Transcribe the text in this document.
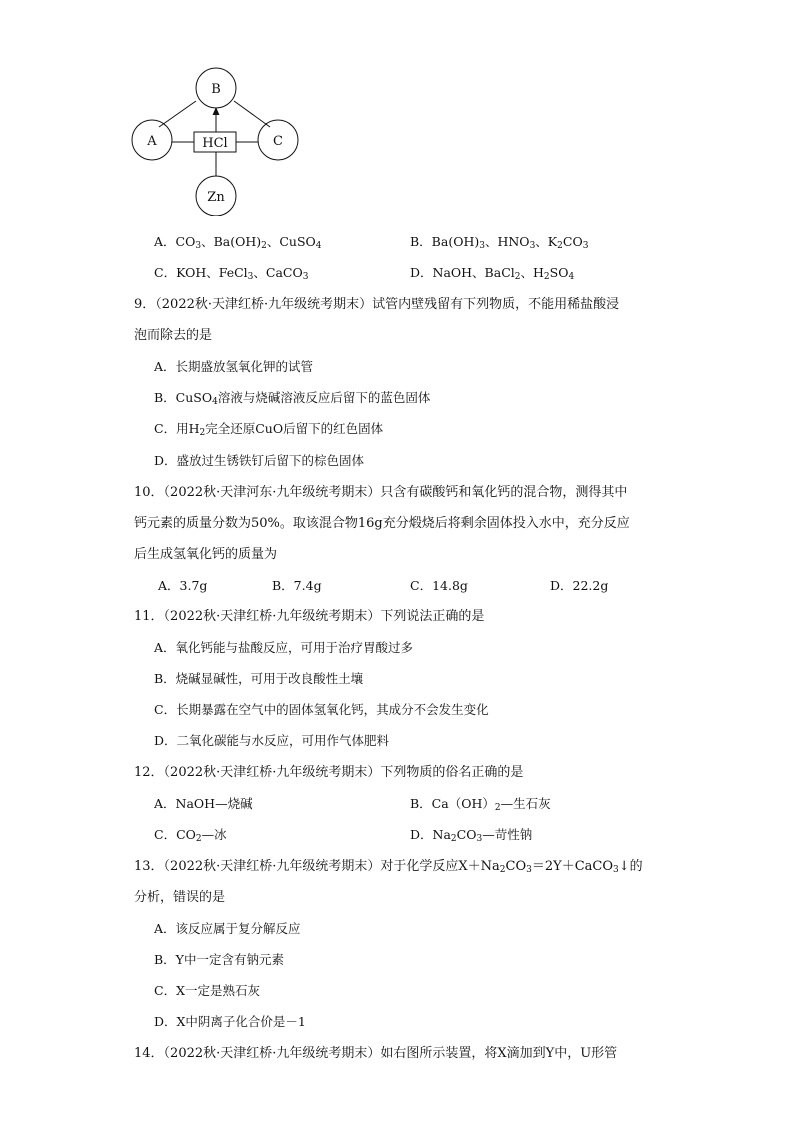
B
A	C
HCl
Zn
A．$CO_3$、$Ba(OH)_2$、CuSO$_4$	B．$Ba(OH)_3$、$HNO_3$、$K_2CO_3$
C．KOH、FeCl$_3$、CaCO$_3$	D．NaOH、BaCl$_2$、$H_2SO_4$
9．（2022秋·天津红桥·九年级统考期末）试管内壁残留有下列物质，不能用稀盐酸浸
泡而除去的是
A．长期盛放氢氧化钾的试管
B．CuSO$_4$溶液与烧碱溶液反应后留下的蓝色固体
C．用$H_2$完全还原CuO后留下的红色固体
D．盛放过生锈铁钉后留下的棕色固体
10．（2022秋·天津河东·九年级统考期末）只含有碳酸钙和氧化钙的混合物，测得其中
钙元素的质量分数为50%。取该混合物16g充分煅烧后将剩余固体投入水中，充分反应
后生成氢氧化钙的质量为
A．3.7g	B．7.4g	C．14.8g	D．22.2g
11．（2022秋·天津红桥·九年级统考期末）下列说法正确的是
A．氧化钙能与盐酸反应，可用于治疗胃酸过多
B．烧碱显碱性，可用于改良酸性土壤
C．长期暴露在空气中的固体氢氧化钙，其成分不会发生变化
D．二氧化碳能与水反应，可用作气体肥料
12．（2022秋·天津红桥·九年级统考期末）下列物质的俗名正确的是
A．NaOH—烧碱	B．$Ca(OH)_2—$生石灰
C．$CO_2—$冰	D．$Na_2CO_3—$苛性钠
13．（2022秋·天津红桥·九年级统考期末）对于化学反应$X+Na_2CO_3=2Y+CaCO_3↓$的
分析，错误的是
A．该反应属于复分解反应
B．Y中一定含有钠元素
C．X一定是熟石灰
D．X中阴离子化合价是－1
14．（2022秋·天津红桥·九年级统考期末）如右图所示装置，将X滴加到Y中，U形管
